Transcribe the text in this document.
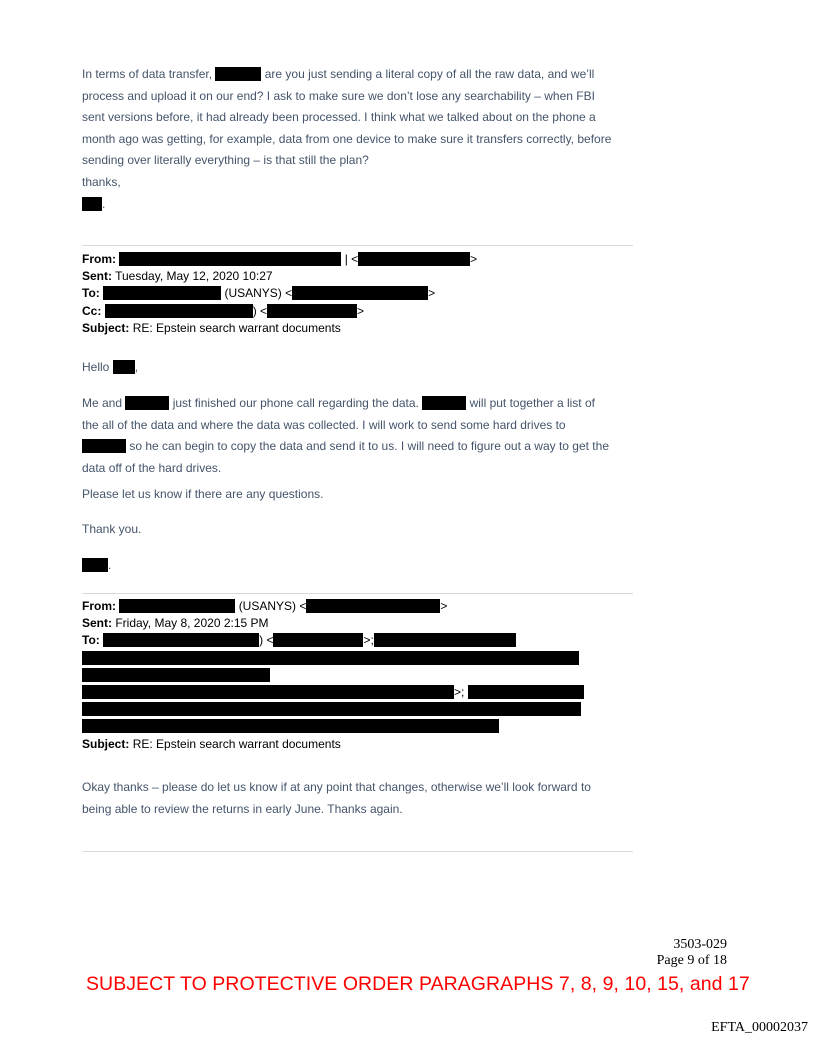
In terms of data transfer,	are you just sending a literal copy of all the raw data, and we’ll
process and upload it on our end? I ask to make sure we don’t lose any searchability – when FBI
sent versions before, it had already been processed. I think what we talked about on the phone a
month ago was getting, for example, data from one device to make sure it transfers correctly, before
sending over literally everything – is that still the plan?
thanks,
.
From:	| <	>
Sent: Tuesday, May 12, 2020 10:27
To:	(USANYS) <	>
Cc:	) <	>
Subject: RE: Epstein search warrant documents
Hello ,
Me and	just finished our phone call regarding the data.	will put together a list of
the all of the data and where the data was collected. I will work to send some hard drives to
so he can begin to copy the data and send it to us. I will need to figure out a way to get the
data off of the hard drives.
Please let us know if there are any questions.
Thank you.
.
From:	(USANYS) <	>
Sent: Friday, May 8, 2020 2:15 PM
To:	) <	>;
>;
Subject: RE: Epstein search warrant documents
Okay thanks – please do let us know if at any point that changes, otherwise we’ll look forward to
being able to review the returns in early June. Thanks again.
3503-029
Page 9 of 18
SUBJECT TO PROTECTIVE ORDER PARAGRAPHS 7, 8, 9, 10, 15, and 17
EFTA_00002037
